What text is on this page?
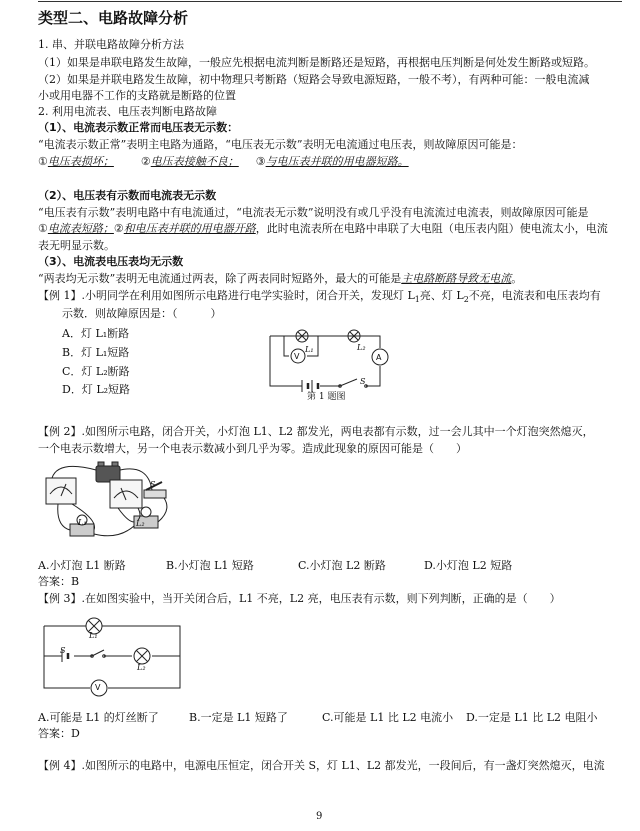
类型二、电路故障分析
1. 串、并联电路故障分析方法
（1）如果是串联电路发生故障，一般应先根据电流判断是断路还是短路，再根据电压判断是何处发生断路或短路。
（2）如果是并联电路发生故障，初中物理只考断路（短路会导致电源短路，一般不考），有两种可能：一般电流减
小或用电器不工作的支路就是断路的位置
2. 利用电流表、电压表判断电路故障
（1）、电流表示数正常而电压表无示数：
“电流表示数正常”表明主电路为通路，“电压表无示数”表明无电流通过电压表，则故障原因可能是：
①电压表损坏； ②电压表接触不良； ③与电压表并联的用电器短路。
（2）、电压表有示数而电流表无示数
“电压表有示数”表明电路中有电流通过，“电流表无示数”说明没有或几乎没有电流流过电流表，则故障原因可能是
①电流表短路；②和电压表并联的用电器开路，此时电流表所在电路中串联了大电阻（电压表内阻）使电流太小，电流
表无明显示数。
（3）、电流表电压表均无示数
“两表均无示数”表明无电流通过两表，除了两表同时短路外，最大的可能是主电路断路导致无电流。
【例 1】.小明同学在利用如图所示电路进行电学实验时，闭合开关，发现灯 $L_1$亮、灯 $L_2$不亮，电流表和电压表均有
示数．则故障原因是：（　　　）
A．灯 L₁断路
B．灯 L₁短路
C．灯 L₂断路
D．灯 L₂短路
V	A
L₁	L₂
S
第 1 题图
【例 2】.如图所示电路，闭合开关，小灯泡 L1、L2 都发光，两电表都有示数，过一会儿其中一个灯泡突然熄灭，
一个电表示数增大，另一个电表示数减小到几乎为零。造成此现象的原因可能是（　　）
L₁	L₂
S
A.小灯泡 L1 断路	B.小灯泡 L1 短路	C.小灯泡 L2 断路	D.小灯泡 L2 短路
答案：B
【例 3】.在如图实验中，当开关闭合后，L1 不亮，L2 亮，电压表有示数，则下列判断，正确的是（　　）
L₁
L₂
S
V
A.可能是 L1 的灯丝断了	B.一定是 L1 短路了	C.可能是 L1 比 L2 电流小 D.一定是 L1 比 L2 电阻小
答案：D
【例 4】.如图所示的电路中，电源电压恒定，闭合开关 S，灯 L1、L2 都发光，一段间后，有一盏灯突然熄灭，电流
9
